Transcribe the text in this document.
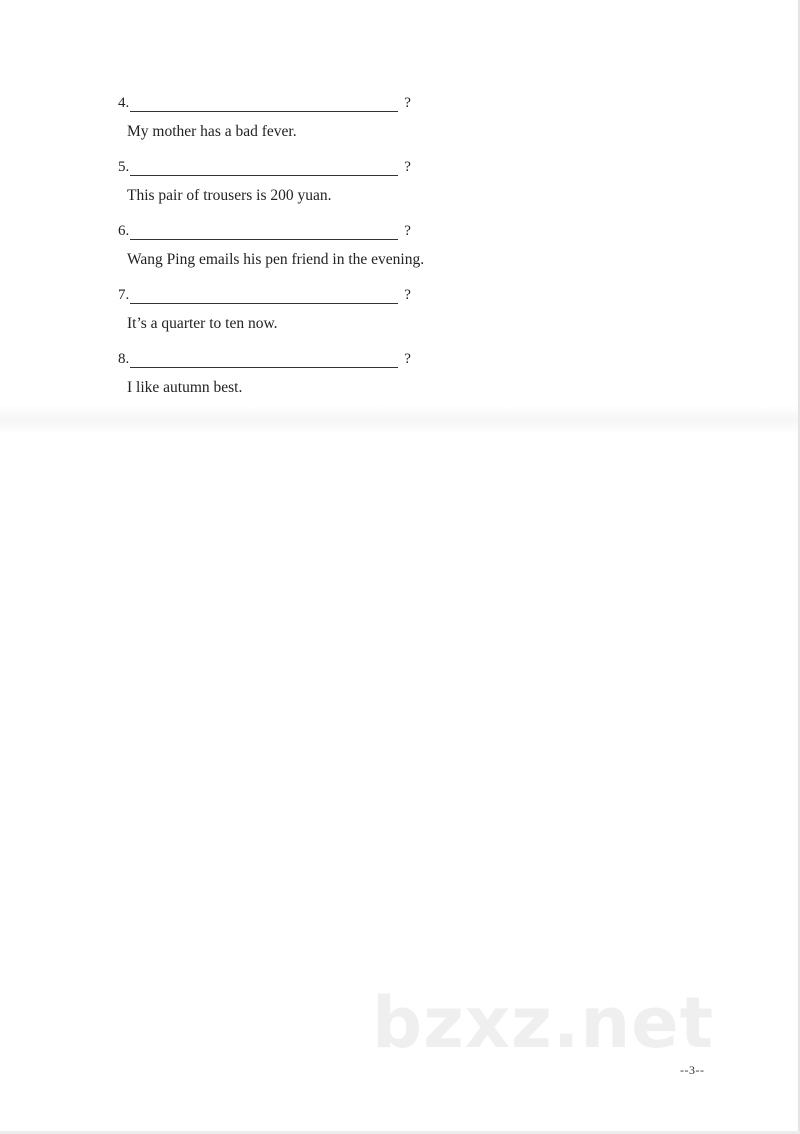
4.	?
My mother has a bad fever.
5.	?
This pair of trousers is 200 yuan.
6.	?
Wang Ping emails his pen friend in the evening.
7.	?
It’s a quarter to ten now.
8.	?
I like autumn best.
bzxz.net
--3--
